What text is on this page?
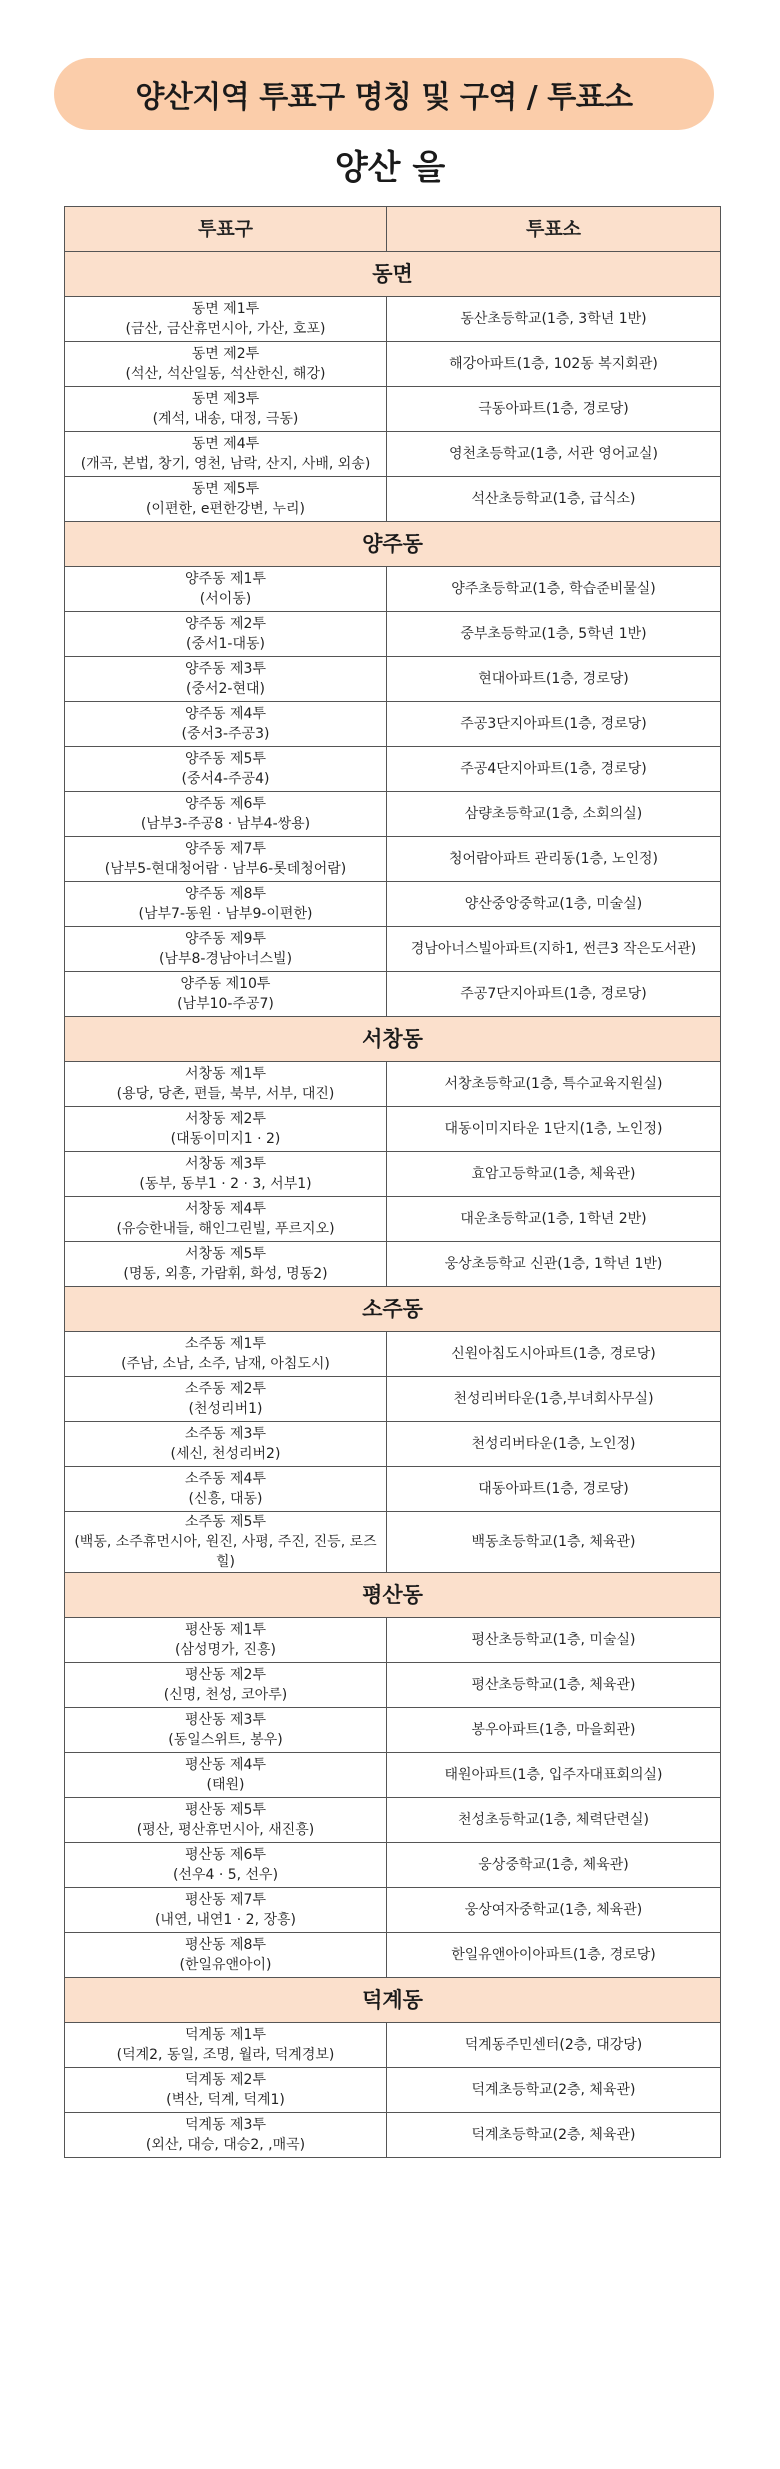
양산지역 투표구 명칭 및 구역 / 투표소
양산 을
투표구	투표소
동면	

동면 제1투
(금산, 금산휴먼시아, 가산, 호포)	동산초등학교(1층, 3학년 1반)

동면 제2투
(석산, 석산일동, 석산한신, 해강)	해강아파트(1층, 102동 복지회관)

동면 제3투
(계석, 내송, 대정, 극동)	극동아파트(1층, 경로당)

동면 제4투
(개곡, 본법, 창기, 영천, 남락, 산지, 사배, 외송)	영천초등학교(1층, 서관 영어교실)

동면 제5투
(이편한, e편한강변, 누리)	석산초등학교(1층, 급식소)
양주동	

양주동 제1투
(서이동)	양주초등학교(1층, 학습준비물실)

양주동 제2투
(중서1-대동)	중부초등학교(1층, 5학년 1반)

양주동 제3투
(중서2-현대)	현대아파트(1층, 경로당)

양주동 제4투
(중서3-주공3)	주공3단지아파트(1층, 경로당)

양주동 제5투
(중서4-주공4)	주공4단지아파트(1층, 경로당)

양주동 제6투
(남부3-주공8 · 남부4-쌍용)	삼량초등학교(1층, 소회의실)

양주동 제7투
(남부5-현대청어람 · 남부6-롯데청어람)	청어람아파트 관리동(1층, 노인정)

양주동 제8투
(남부7-동원 · 남부9-이편한)	양산중앙중학교(1층, 미술실)

양주동 제9투
(남부8-경남아너스빌)	경남아너스빌아파트(지하1, 썬큰3 작은도서관)

양주동 제10투
(남부10-주공7)	주공7단지아파트(1층, 경로당)
서창동	

서창동 제1투
(용당, 당촌, 편들, 북부, 서부, 대진)	서창초등학교(1층, 특수교육지원실)

서창동 제2투
(대동이미지1 · 2)	대동이미지타운 1단지(1층, 노인정)

서창동 제3투
(동부, 동부1 · 2 · 3, 서부1)	효암고등학교(1층, 체육관)

서창동 제4투
(유승한내들, 해인그린빌, 푸르지오)	대운초등학교(1층, 1학년 2반)

서창동 제5투
(명동, 외흥, 가람휘, 화성, 명동2)	웅상초등학교 신관(1층, 1학년 1반)
소주동	

소주동 제1투
(주남, 소남, 소주, 남재, 아침도시)	신원아침도시아파트(1층, 경로당)

소주동 제2투
(천성리버1)	천성리버타운(1층,부녀회사무실)

소주동 제3투
(세신, 천성리버2)	천성리버타운(1층, 노인정)

소주동 제4투
(신흥, 대동)	대동아파트(1층, 경로당)

소주동 제5투
(백동, 소주휴먼시아, 원진, 사평, 주진, 진등, 로즈힐)	백동초등학교(1층, 체육관)
평산동	

평산동 제1투
(삼성명가, 진흥)	평산초등학교(1층, 미술실)

평산동 제2투
(신명, 천성, 코아루)	평산초등학교(1층, 체육관)

평산동 제3투
(동일스위트, 봉우)	봉우아파트(1층, 마을회관)

평산동 제4투
(태원)	태원아파트(1층, 입주자대표회의실)

평산동 제5투
(평산, 평산휴먼시아, 새진흥)	천성초등학교(1층, 체력단련실)

평산동 제6투
(선우4 · 5, 선우)	웅상중학교(1층, 체육관)

평산동 제7투
(내연, 내연1 · 2, 장흥)	웅상여자중학교(1층, 체육관)

평산동 제8투
(한일유앤아이)	한일유앤아이아파트(1층, 경로당)
덕계동	

덕계동 제1투
(덕계2, 동일, 조명, 월라, 덕계경보)	덕계동주민센터(2층, 대강당)

덕계동 제2투
(벽산, 덕계, 덕계1)	덕계초등학교(2층, 체육관)

덕계동 제3투
(외산, 대승, 대승2, ,매곡)	덕계초등학교(2층, 체육관)
